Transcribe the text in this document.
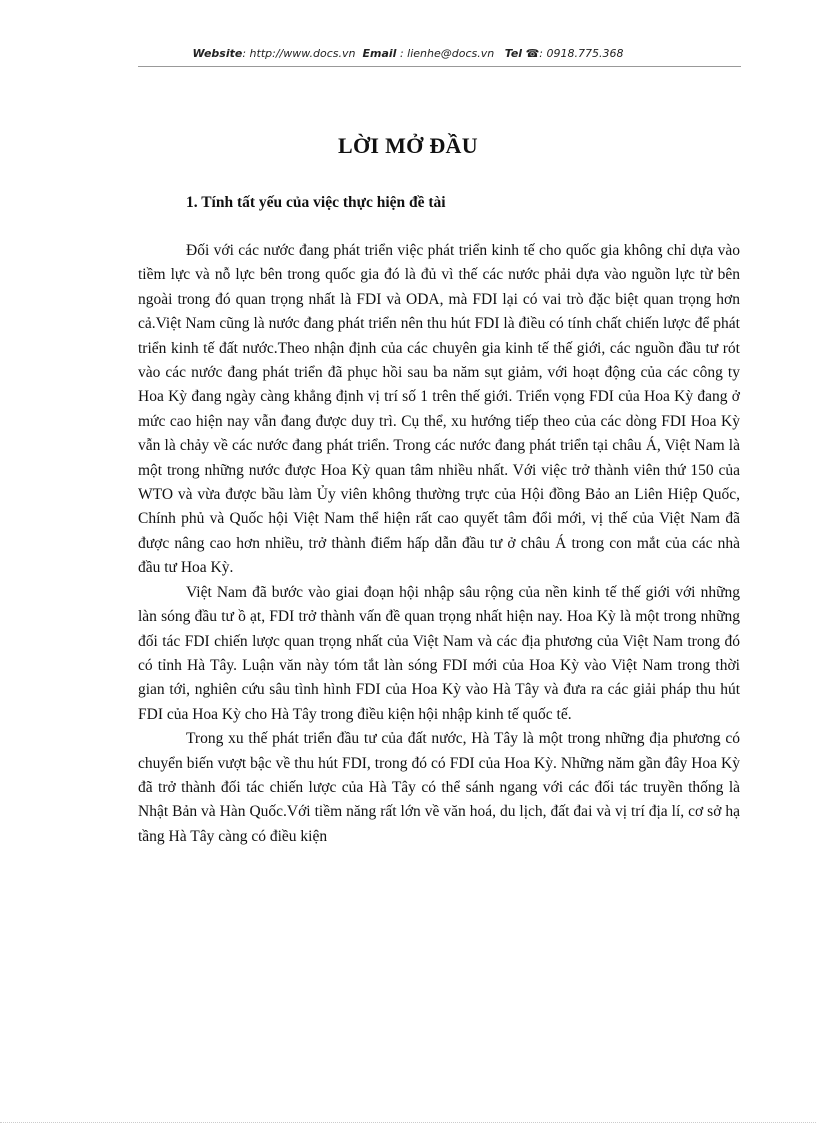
Website: http://www.docs.vn Email : lienhe@docs.vn Tel ☎: 0918.775.368
LỜI MỞ ĐẦU
1. Tính tất yếu của việc thực hiện đề tài

Đối với các nước đang phát triển việc phát triển kinh tế cho quốc gia không chỉ dựa vào tiềm lực và nỗ lực bên trong quốc gia đó là đủ vì thế các nước phải dựa vào nguồn lực từ bên ngoài trong đó quan trọng nhất là FDI và ODA, mà FDI lại có vai trò đặc biệt quan trọng hơn cả.Việt Nam cũng là nước đang phát triển nên thu hút FDI là điều có tính chất chiến lược để phát triển kinh tế đất nước.Theo nhận định của các chuyên gia kinh tế thế giới, các nguồn đầu tư rót vào các nước đang phát triển đã phục hồi sau ba năm sụt giảm, với hoạt động của các công ty Hoa Kỳ đang ngày càng khẳng định vị trí số 1 trên thế giới. Triển vọng FDI của Hoa Kỳ đang ở mức cao hiện nay vẫn đang được duy trì. Cụ thể, xu hướng tiếp theo của các dòng FDI Hoa Kỳ vẫn là chảy về các nước đang phát triển. Trong các nước đang phát triển tại châu Á, Việt Nam là một trong những nước được Hoa Kỳ quan tâm nhiều nhất. Với việc trở thành viên thứ 150 của WTO và vừa được bầu làm Ủy viên không thường trực của Hội đồng Bảo an Liên Hiệp Quốc, Chính phủ và Quốc hội Việt Nam thể hiện rất cao quyết tâm đổi mới, vị thế của Việt Nam đã được nâng cao hơn nhiều, trở thành điểm hấp dẫn đầu tư ở châu Á trong con mắt của các nhà đầu tư Hoa Kỳ.

Việt Nam đã bước vào giai đoạn hội nhập sâu rộng của nền kinh tế thế giới với những làn sóng đầu tư ồ ạt, FDI trở thành vấn đề quan trọng nhất hiện nay. Hoa Kỳ là một trong những đối tác FDI chiến lược quan trọng nhất của Việt Nam và các địa phương của Việt Nam trong đó có tỉnh Hà Tây. Luận văn này tóm tắt làn sóng FDI mới của Hoa Kỳ vào Việt Nam trong thời gian tới, nghiên cứu sâu tình hình FDI của Hoa Kỳ vào Hà Tây và đưa ra các giải pháp thu hút FDI của Hoa Kỳ cho Hà Tây trong điều kiện hội nhập kinh tế quốc tế.

Trong xu thế phát triển đầu tư của đất nước, Hà Tây là một trong những địa phương có chuyển biến vượt bậc về thu hút FDI, trong đó có FDI của Hoa Kỳ. Những năm gần đây Hoa Kỳ đã trở thành đối tác chiến lược của Hà Tây có thể sánh ngang với các đối tác truyền thống là Nhật Bản và Hàn Quốc.Với tiềm năng rất lớn về văn hoá, du lịch, đất đai và vị trí địa lí, cơ sở hạ tầng Hà Tây càng có điều kiện
